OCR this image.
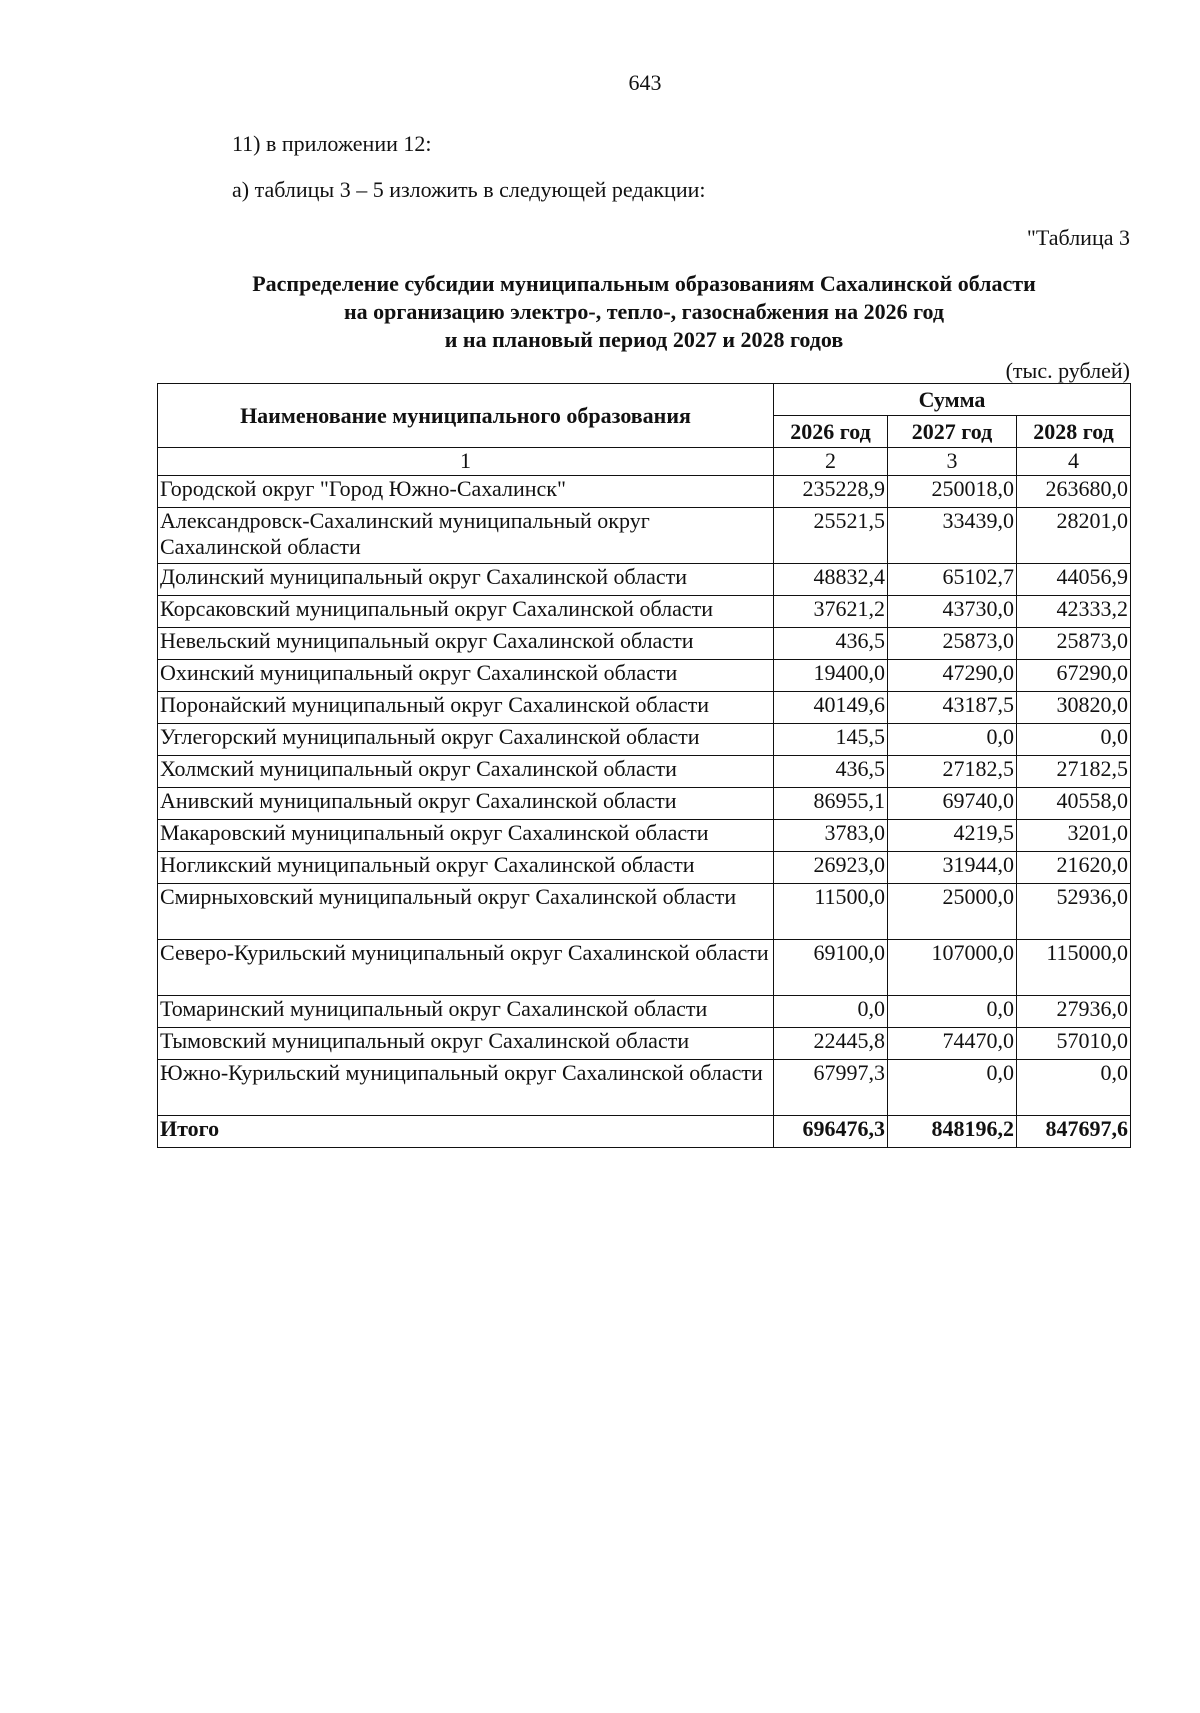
643
11) в приложении 12:
а) таблицы 3 – 5 изложить в следующей редакции:
"Таблица 3
Распределение субсидии муниципальным образованиям Сахалинской области
на организацию электро-, тепло-, газоснабжения на 2026 год
и на плановый период 2027 и 2028 годов
(тыс. рублей)
Наименование муниципального образования	Сумма		
	2026 год	2027 год	2028 год
1	2	3	4
Городской округ "Город Южно-Сахалинск"	235228,9	250018,0	263680,0
Александровск-Сахалинский муниципальный округ Сахалинской области	25521,5	33439,0	28201,0
Долинский муниципальный округ Сахалинской области	48832,4	65102,7	44056,9
Корсаковский муниципальный округ Сахалинской области	37621,2	43730,0	42333,2
Невельский муниципальный округ Сахалинской области	436,5	25873,0	25873,0
Охинский муниципальный округ Сахалинской области	19400,0	47290,0	67290,0
Поронайский муниципальный округ Сахалинской области	40149,6	43187,5	30820,0
Углегорский муниципальный округ Сахалинской области	145,5	0,0	0,0
Холмский муниципальный округ Сахалинской области	436,5	27182,5	27182,5
Анивский муниципальный округ Сахалинской области	86955,1	69740,0	40558,0
Макаровский муниципальный округ Сахалинской области	3783,0	4219,5	3201,0
Ногликский муниципальный округ Сахалинской области	26923,0	31944,0	21620,0
Смирныховский муниципальный округ Сахалинской области	11500,0	25000,0	52936,0
Северо-Курильский муниципальный округ Сахалинской области	69100,0	107000,0	115000,0
Томаринский муниципальный округ Сахалинской области	0,0	0,0	27936,0
Тымовский муниципальный округ Сахалинской области	22445,8	74470,0	57010,0
Южно-Курильский муниципальный округ Сахалинской области	67997,3	0,0	0,0
Итого	696476,3	848196,2	847697,6
